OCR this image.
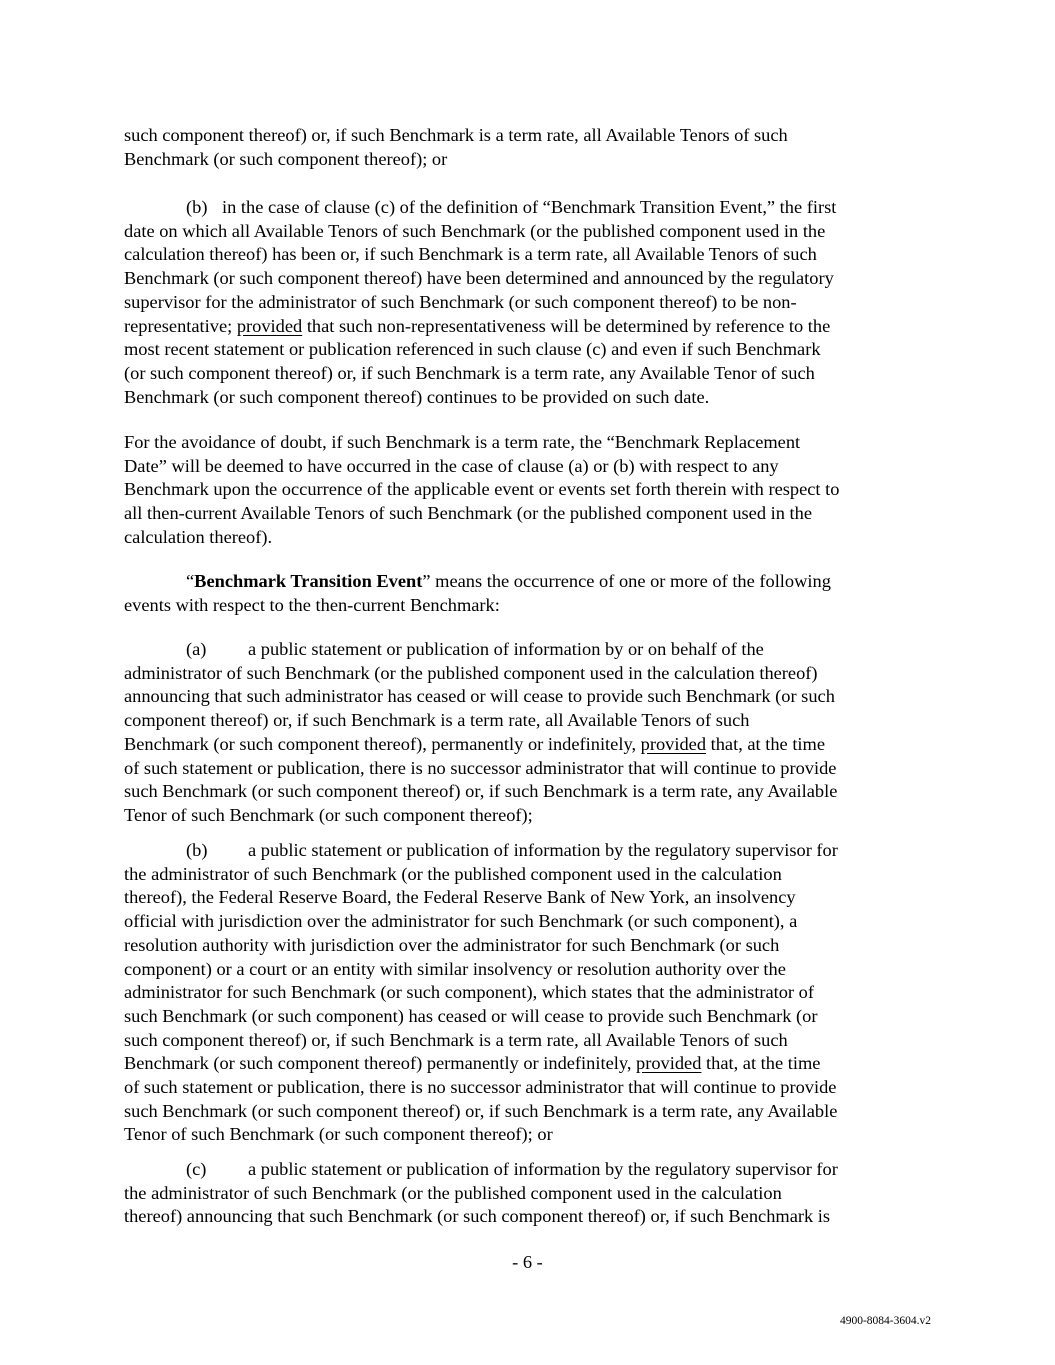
such component thereof) or, if such Benchmark is a term rate, all Available Tenors of such
Benchmark (or such component thereof); or

(b) in the case of clause (c) of the definition of “Benchmark Transition Event,” the first
date on which all Available Tenors of such Benchmark (or the published component used in the
calculation thereof) has been or, if such Benchmark is a term rate, all Available Tenors of such
Benchmark (or such component thereof) have been determined and announced by the regulatory
supervisor for the administrator of such Benchmark (or such component thereof) to be non-
representative; provided that such non-representativeness will be determined by reference to the
most recent statement or publication referenced in such clause (c) and even if such Benchmark
(or such component thereof) or, if such Benchmark is a term rate, any Available Tenor of such
Benchmark (or such component thereof) continues to be provided on such date.

For the avoidance of doubt, if such Benchmark is a term rate, the “Benchmark Replacement
Date” will be deemed to have occurred in the case of clause (a) or (b) with respect to any
Benchmark upon the occurrence of the applicable event or events set forth therein with respect to
all then-current Available Tenors of such Benchmark (or the published component used in the
calculation thereof).

“Benchmark Transition Event” means the occurrence of one or more of the following
events with respect to the then-current Benchmark:

(a) a public statement or publication of information by or on behalf of the
administrator of such Benchmark (or the published component used in the calculation thereof)
announcing that such administrator has ceased or will cease to provide such Benchmark (or such
component thereof) or, if such Benchmark is a term rate, all Available Tenors of such
Benchmark (or such component thereof), permanently or indefinitely, provided that, at the time
of such statement or publication, there is no successor administrator that will continue to provide
such Benchmark (or such component thereof) or, if such Benchmark is a term rate, any Available
Tenor of such Benchmark (or such component thereof);

(b) a public statement or publication of information by the regulatory supervisor for
the administrator of such Benchmark (or the published component used in the calculation
thereof), the Federal Reserve Board, the Federal Reserve Bank of New York, an insolvency
official with jurisdiction over the administrator for such Benchmark (or such component), a
resolution authority with jurisdiction over the administrator for such Benchmark (or such
component) or a court or an entity with similar insolvency or resolution authority over the
administrator for such Benchmark (or such component), which states that the administrator of
such Benchmark (or such component) has ceased or will cease to provide such Benchmark (or
such component thereof) or, if such Benchmark is a term rate, all Available Tenors of such
Benchmark (or such component thereof) permanently or indefinitely, provided that, at the time
of such statement or publication, there is no successor administrator that will continue to provide
such Benchmark (or such component thereof) or, if such Benchmark is a term rate, any Available
Tenor of such Benchmark (or such component thereof); or

(c) a public statement or publication of information by the regulatory supervisor for
the administrator of such Benchmark (or the published component used in the calculation
thereof) announcing that such Benchmark (or such component thereof) or, if such Benchmark is

- 6 -
4900-8084-3604.v2
